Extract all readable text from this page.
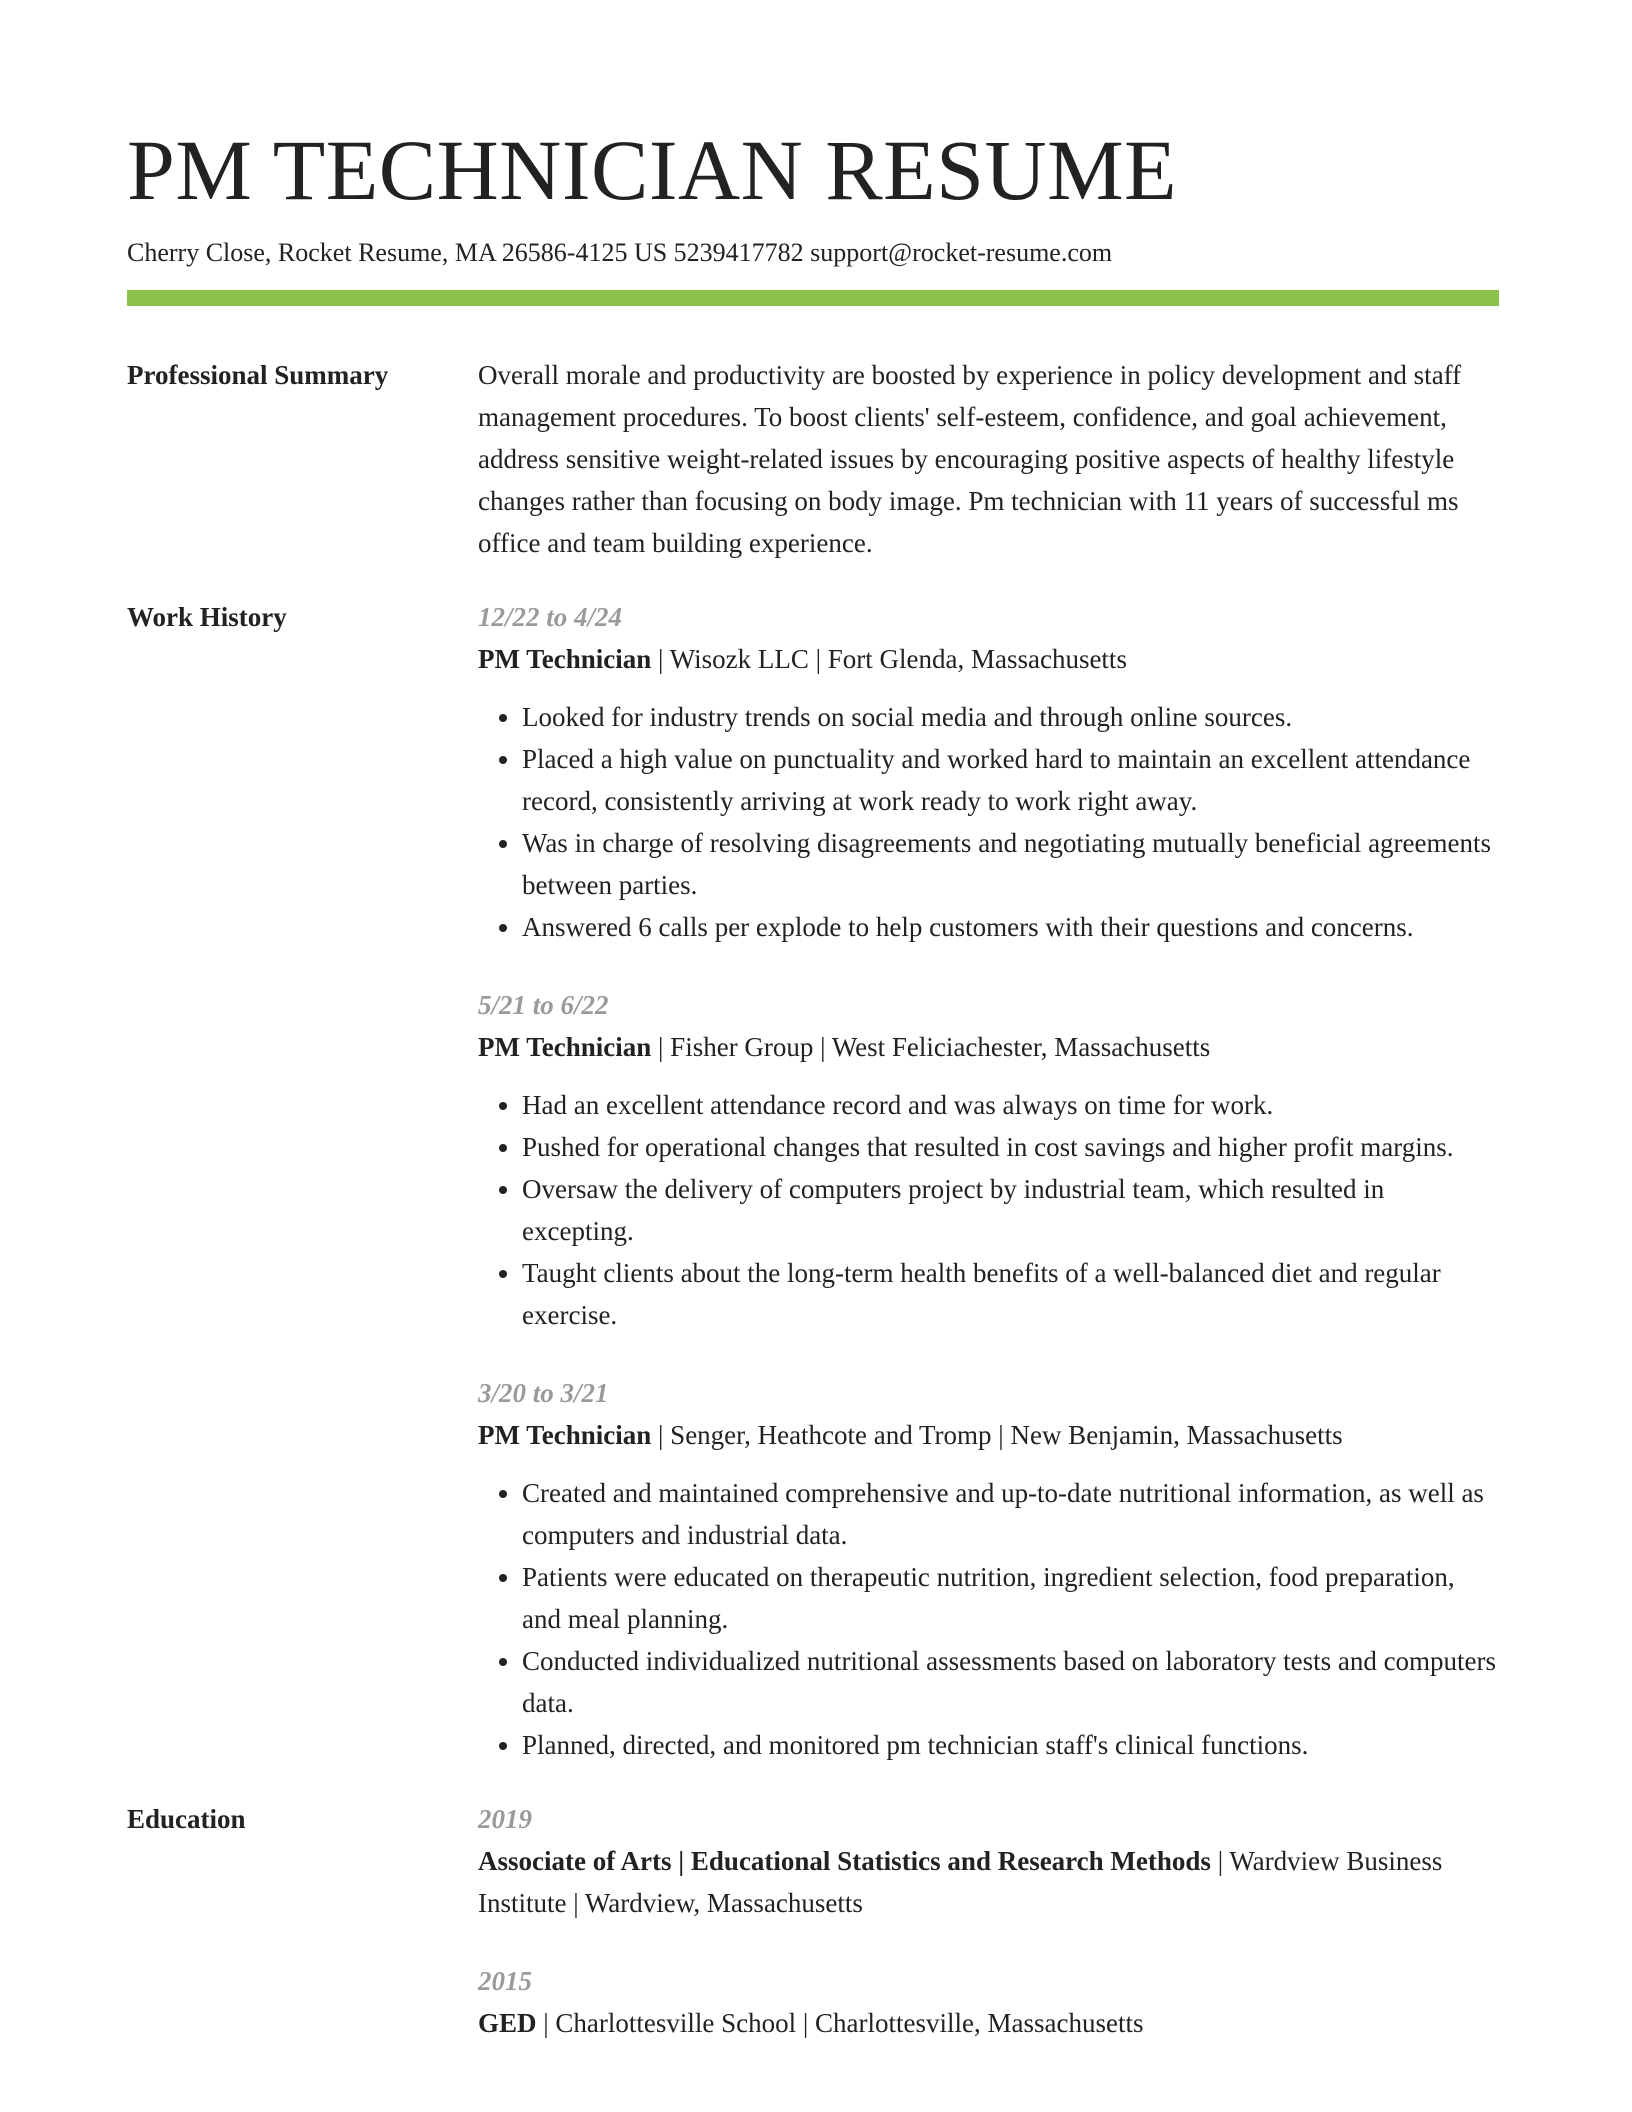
PM TECHNICIAN RESUME
Cherry Close, Rocket Resume, MA 26586-4125 US 5239417782 support@rocket-resume.com
Professional Summary	Overall morale and productivity are boosted by experience in policy development and staff management procedures. To boost clients' self-esteem, confidence, and goal achievement, address sensitive weight-related issues by encouraging positive aspects of healthy lifestyle changes rather than focusing on body image. Pm technician with 11 years of successful ms office and team building experience.

Work History	12/22 to 4/24
PM Technician | Wisozk LLC | Fort Glenda, Massachusetts
• Looked for industry trends on social media and through online sources.
• Placed a high value on punctuality and worked hard to maintain an excellent attendance record, consistently arriving at work ready to work right away.
• Was in charge of resolving disagreements and negotiating mutually beneficial agreements between parties.
• Answered 6 calls per explode to help customers with their questions and concerns.
5/21 to 6/22
PM Technician | Fisher Group | West Feliciachester, Massachusetts
• Had an excellent attendance record and was always on time for work.
• Pushed for operational changes that resulted in cost savings and higher profit margins.
• Oversaw the delivery of computers project by industrial team, which resulted in excepting.
• Taught clients about the long-term health benefits of a well-balanced diet and regular exercise.
3/20 to 3/21
PM Technician | Senger, Heathcote and Tromp | New Benjamin, Massachusetts
• Created and maintained comprehensive and up-to-date nutritional information, as well as computers and industrial data.
• Patients were educated on therapeutic nutrition, ingredient selection, food preparation, and meal planning.
• Conducted individualized nutritional assessments based on laboratory tests and computers data.
• Planned, directed, and monitored pm technician staff's clinical functions.
Education	2019
Associate of Arts | Educational Statistics and Research Methods | Wardview Business Institute | Wardview, Massachusetts
2015
GED | Charlottesville School | Charlottesville, Massachusetts
